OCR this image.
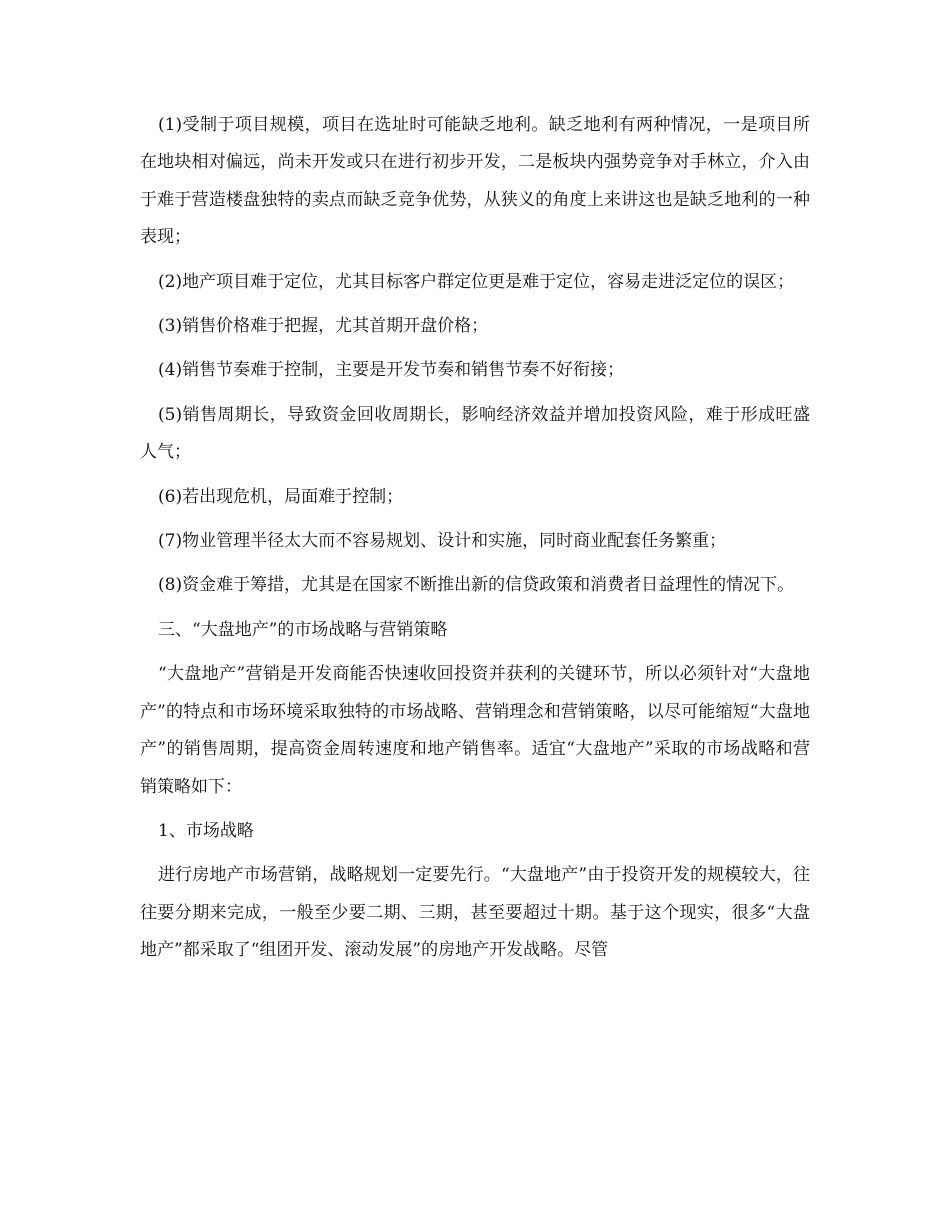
(1)受制于项目规模，项目在选址时可能缺乏地利。缺乏地利有两种情况，一是项目所在地块相对偏远，尚未开发或只在进行初步开发，二是板块内强势竞争对手林立，介入由于难于营造楼盘独特的卖点而缺乏竞争优势，从狭义的角度上来讲这也是缺乏地利的一种表现；

(2)地产项目难于定位，尤其目标客户群定位更是难于定位，容易走进泛定位的误区；

(3)销售价格难于把握，尤其首期开盘价格；

(4)销售节奏难于控制，主要是开发节奏和销售节奏不好衔接；

(5)销售周期长，导致资金回收周期长，影响经济效益并增加投资风险，难于形成旺盛人气；

(6)若出现危机，局面难于控制；

(7)物业管理半径太大而不容易规划、设计和实施，同时商业配套任务繁重；

(8)资金难于筹措，尤其是在国家不断推出新的信贷政策和消费者日益理性的情况下。

三、“大盘地产”的市场战略与营销策略

“大盘地产”营销是开发商能否快速收回投资并获利的关键环节，所以必须针对“大盘地产”的特点和市场环境采取独特的市场战略、营销理念和营销策略，以尽可能缩短“大盘地产”的销售周期，提高资金周转速度和地产销售率。适宜“大盘地产”采取的市场战略和营销策略如下：

1、市场战略

进行房地产市场营销，战略规划一定要先行。“大盘地产”由于投资开发的规模较大，往往要分期来完成，一般至少要二期、三期，甚至要超过十期。基于这个现实，很多“大盘地产”都采取了“组团开发、滚动发展”的房地产开发战略。尽管
